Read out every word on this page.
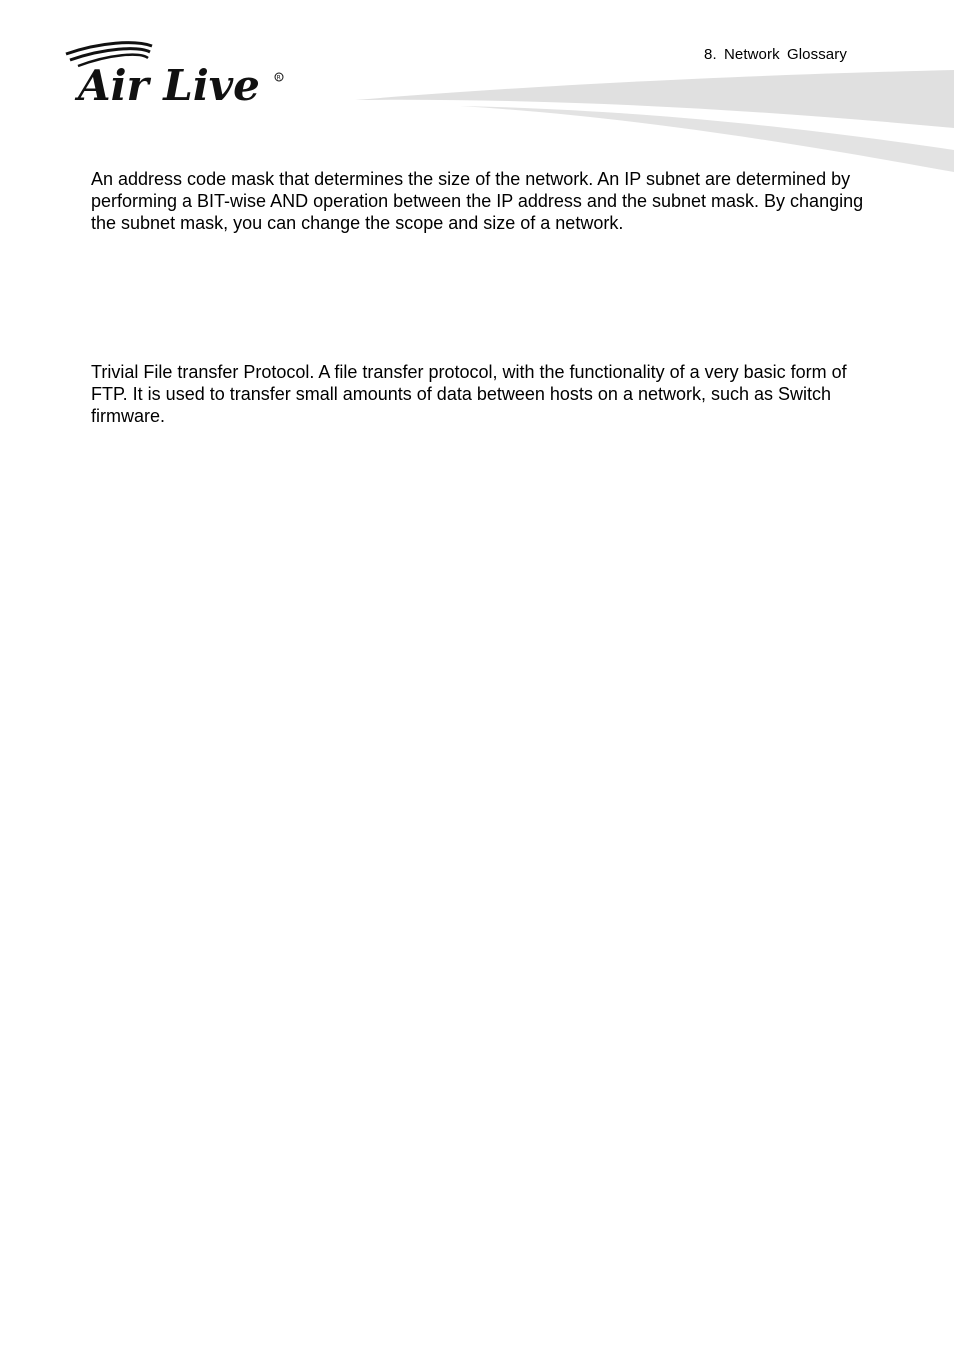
Air Live	R
8. Network Glossary

An address code mask that determines the size of the network. An IP subnet are determined by performing a BIT-wise AND operation between the IP address and the subnet mask. By changing the subnet mask, you can change the scope and size of a network.

Trivial File transfer Protocol. A file transfer protocol, with the functionality of a very basic form of FTP. It is used to transfer small amounts of data between hosts on a network, such as Switch firmware.
